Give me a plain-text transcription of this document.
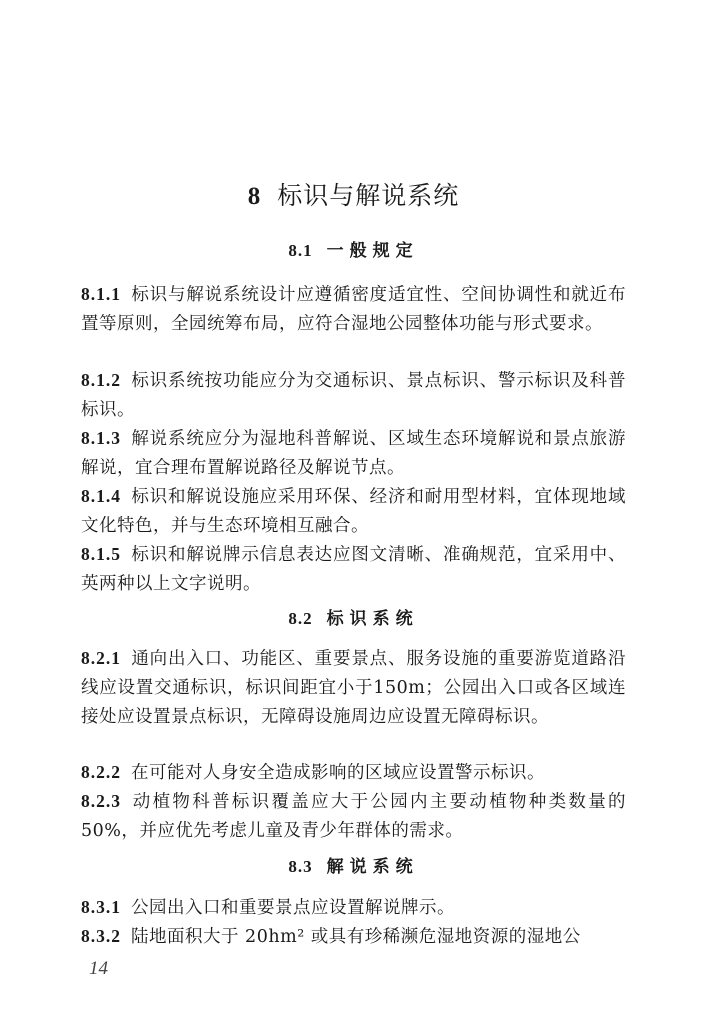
8 标识与解说系统
8.1 一般规定
8.1.1 标识与解说系统设计应遵循密度适宜性、空间协调性和就近布置等原则，全园统筹布局，应符合湿地公园整体功能与形式要求。
8.1.2 标识系统按功能应分为交通标识、景点标识、警示标识及科普标识。
8.1.3 解说系统应分为湿地科普解说、区域生态环境解说和景点旅游解说，宜合理布置解说路径及解说节点。
8.1.4 标识和解说设施应采用环保、经济和耐用型材料，宜体现地域文化特色，并与生态环境相互融合。
8.1.5 标识和解说牌示信息表达应图文清晰、准确规范，宜采用中、英两种以上文字说明。
8.2 标识系统
8.2.1 通向出入口、功能区、重要景点、服务设施的重要游览道路沿线应设置交通标识，标识间距宜小于150m；公园出入口或各区域连接处应设置景点标识，无障碍设施周边应设置无障碍标识。
8.2.2 在可能对人身安全造成影响的区域应设置警示标识。
8.2.3 动植物科普标识覆盖应大于公园内主要动植物种类数量的50%，并应优先考虑儿童及青少年群体的需求。
8.3 解说系统
8.3.1 公园出入口和重要景点应设置解说牌示。
8.3.2 陆地面积大于 20hm² 或具有珍稀濒危湿地资源的湿地公
14
